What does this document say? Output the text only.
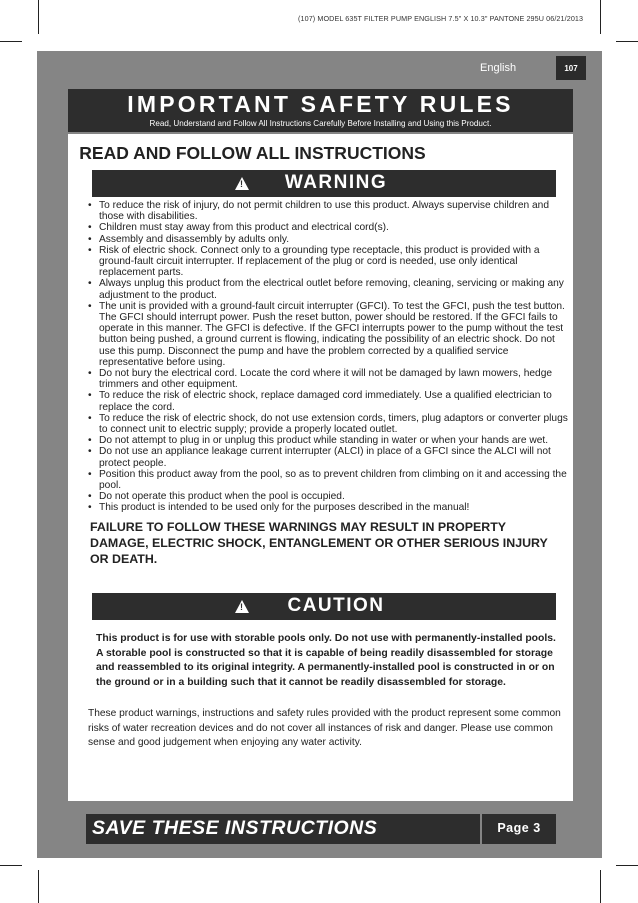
(107) MODEL 635T FILTER PUMP ENGLISH 7.5" X 10.3" PANTONE 295U 06/21/2013
English	107
IMPORTANT SAFETY RULES
Read, Understand and Follow All Instructions Carefully Before Installing and Using this Product.
READ AND FOLLOW ALL INSTRUCTIONS
!
WARNING
• To reduce the risk of injury, do not permit children to use this product. Always supervise children and those with disabilities.
• Children must stay away from this product and electrical cord(s).
• Assembly and disassembly by adults only.
• Risk of electric shock. Connect only to a grounding type receptacle, this product is provided with a ground-fault circuit interrupter. If replacement of the plug or cord is needed, use only identical replacement parts.
• Always unplug this product from the electrical outlet before removing, cleaning, servicing or making any adjustment to the product.
• The unit is provided with a ground-fault circuit interrupter (GFCI). To test the GFCI, push the test button. The GFCI should interrupt power. Push the reset button, power should be restored. If the GFCI fails to operate in this manner. The GFCI is defective. If the GFCI interrupts power to the pump without the test button being pushed, a ground current is flowing, indicating the possibility of an electric shock. Do not use this pump. Disconnect the pump and have the problem corrected by a qualified service representative before using.
• Do not bury the electrical cord. Locate the cord where it will not be damaged by lawn mowers, hedge trimmers and other equipment.
• To reduce the risk of electric shock, replace damaged cord immediately. Use a qualified electrician to replace the cord.
• To reduce the risk of electric shock, do not use extension cords, timers, plug adaptors or converter plugs to connect unit to electric supply; provide a properly located outlet.
• Do not attempt to plug in or unplug this product while standing in water or when your hands are wet.
• Do not use an appliance leakage current interrupter (ALCI) in place of a GFCI since the ALCI will not protect people.
• Position this product away from the pool, so as to prevent children from climbing on it and accessing the pool.
• Do not operate this product when the pool is occupied.
• This product is intended to be used only for the purposes described in the manual!
FAILURE TO FOLLOW THESE WARNINGS MAY RESULT IN PROPERTY DAMAGE, ELECTRIC SHOCK, ENTANGLEMENT OR OTHER SERIOUS INJURY OR DEATH.
!
CAUTION
This product is for use with storable pools only. Do not use with permanently-installed pools. A storable pool is constructed so that it is capable of being readily disassembled for storage and reassembled to its original integrity. A permanently-installed pool is constructed in or on the ground or in a building such that it cannot be readily disassembled for storage.
These product warnings, instructions and safety rules provided with the product represent some common risks of water recreation devices and do not cover all instances of risk and danger. Please use common sense and good judgement when enjoying any water activity.
SAVE THESE INSTRUCTIONS	Page 3
